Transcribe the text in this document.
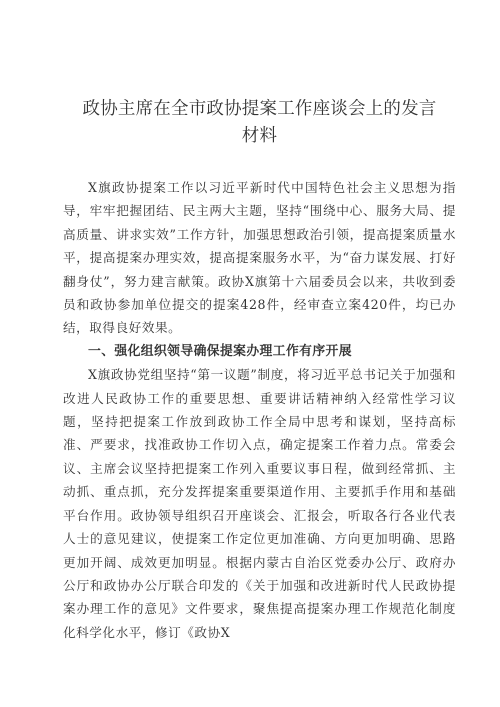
政协主席在全市政协提案工作座谈会上的发言
材料

X旗政协提案工作以习近平新时代中国特色社会主义思想为指导，牢牢把握团结、民主两大主题，坚持“围绕中心、服务大局、提高质量、讲求实效”工作方针，加强思想政治引领，提高提案质量水平，提高提案办理实效，提高提案服务水平，为“奋力谋发展、打好翻身仗”，努力建言献策。政协X旗第十六届委员会以来，共收到委员和政协参加单位提交的提案428件，经审查立案420件，均已办结，取得良好效果。

一、强化组织领导确保提案办理工作有序开展

X旗政协党组坚持“第一议题”制度，将习近平总书记关于加强和改进人民政协工作的重要思想、重要讲话精神纳入经常性学习议题，坚持把提案工作放到政协工作全局中思考和谋划，坚持高标准、严要求，找准政协工作切入点，确定提案工作着力点。常委会议、主席会议坚持把提案工作列入重要议事日程，做到经常抓、主动抓、重点抓，充分发挥提案重要渠道作用、主要抓手作用和基础平台作用。政协领导组织召开座谈会、汇报会，听取各行各业代表人士的意见建议，使提案工作定位更加准确、方向更加明确、思路更加开阔、成效更加明显。根据内蒙古自治区党委办公厅、政府办公厅和政协办公厅联合印发的《关于加强和改进新时代人民政协提案办理工作的意见》文件要求，聚焦提高提案办理工作规范化制度化科学化水平，修订《政协X
